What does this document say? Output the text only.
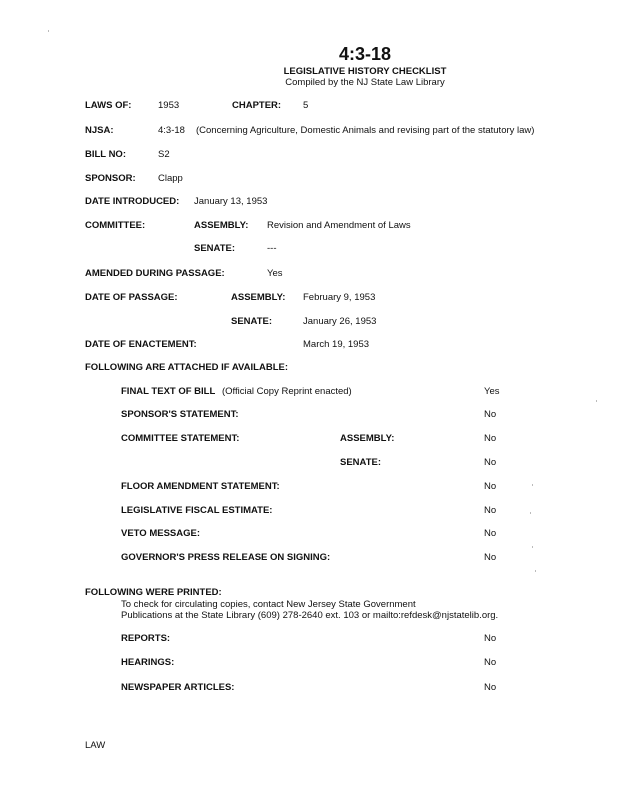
4:3-18
LEGISLATIVE HISTORY CHECKLIST
Compiled by the NJ State Law Library
LAWS OF:	1953	CHAPTER: 5
NJSA:	4:3-18 (Concerning Agriculture, Domestic Animals and revising part of the statutory law)
BILL NO:	S2
SPONSOR: Clapp
DATE INTRODUCED: January 13, 1953
COMMITTEE:	ASSEMBLY: Revision and Amendment of Laws
SENATE:	---
AMENDED DURING PASSAGE:	Yes
DATE OF PASSAGE:	ASSEMBLY: February 9, 1953
SENATE:	January 26, 1953
DATE OF ENACTEMENT:	March 19, 1953
FOLLOWING ARE ATTACHED IF AVAILABLE:
FINAL TEXT OF BILL (Official Copy Reprint enacted)	Yes
SPONSOR'S STATEMENT:	No
COMMITTEE STATEMENT:	ASSEMBLY:	No
SENATE:	No
FLOOR AMENDMENT STATEMENT:	No
LEGISLATIVE FISCAL ESTIMATE:	No
VETO MESSAGE:	No
GOVERNOR'S PRESS RELEASE ON SIGNING:	No
FOLLOWING WERE PRINTED:
To check for circulating copies, contact New Jersey State Government
Publications at the State Library (609) 278-2640 ext. 103 or mailto:refdesk@njstatelib.org.
REPORTS:	No
HEARINGS:	No
NEWSPAPER ARTICLES:	No
LAW
